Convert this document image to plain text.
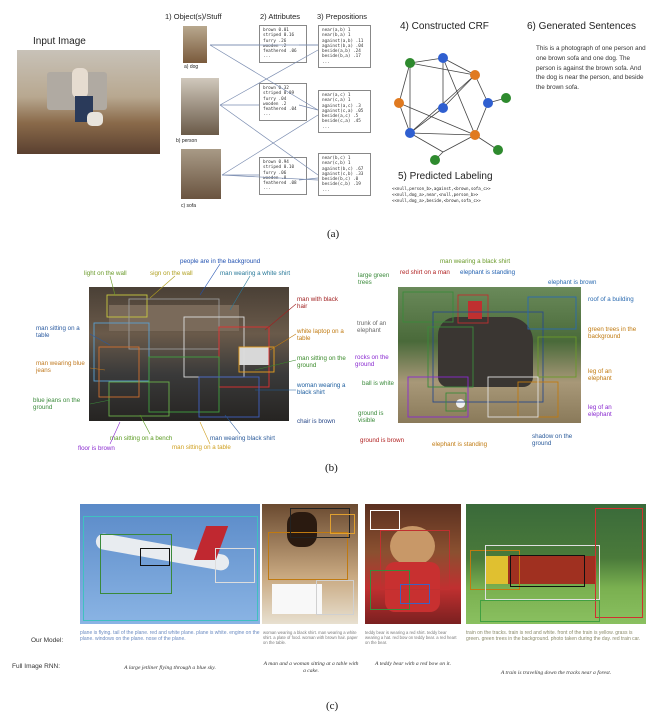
Input Image
1) Object(s)/Stuff	2) Attributes 3) Prepositions
a) dog
b) person
c) sofa
brown 0.01
striped 0.16
furry .26
wooden .2
feathered .06
...
brown 0.32
striped 0.09
furry .04
wooden .2
feathered .04
...
brown 0.94
striped 0.10
furry .06
wooden .8
feathered .08
...
near(a,b) 1
near(b,a) 1
against(a,b) .11
against(b,a) .04
beside(a,b) .24
beside(b,a) .17
...
near(a,c) 1
near(c,a) 1
against(a,c) .3
against(c,a) .05
beside(a,c) .5
beside(c,a) .45
...
near(b,c) 1
near(c,b) 1
against(b,c) .67
against(c,b) .33
beside(b,c) .0
beside(c,b) .19
...
4) Constructed CRF
5) Predicted Labeling
<<null,person_b>,against,<brown,sofa_c>>
<<null,dog_a>,near,<null,person_b>>
<<null,dog_a>,beside,<brown,sofa_c>>
6) Generated Sentences
This is a photograph of one person and one brown sofa and one dog. The person is against the brown sofa. And the dog is near the person, and beside the brown sofa.
(a)
people are in the background
light on the wall	sign on the wall	man wearing a white shirt
man with black hair
white laptop on a table
man sitting on the ground
woman wearing a black shirt
chair is brown
man sitting on a table
man wearing blue jeans
blue jeans on the ground
man sitting on a bench	man wearing black shirt
floor is brown	man sitting on a table
man wearing a black shirt
large green trees
red shirt on a man elephant is standing
elephant is brown
roof of a building
trunk of an elephant	green trees in the background
rocks on the ground
leg of an elephant
ball is white
leg of an elephant
ground is visible
shadow on the ground
ground is brown
elephant is standing
(b)
Our Model:
Full Image RNN:
plane is flying. tail of the plane. red and white plane. plane is white. engine on the plane. windows on the plane. nose of the plane.
woman wearing a black shirt. man wearing a white shirt. a plate of food. woman with brown hair. paper on the table.
teddy bear is wearing a red shirt. teddy bear wearing a hat. red bow on teddy bear. a red heart on the bear.
train on the tracks. train is red and white. front of the train is yellow. grass is green. green trees in the background. photo taken during the day. red train car.
A large jetliner flying through a blue sky.
A man and a woman sitting at a table with a cake.
A teddy bear with a red bow on it.
A train is traveling down the tracks near a forest.
(c)
